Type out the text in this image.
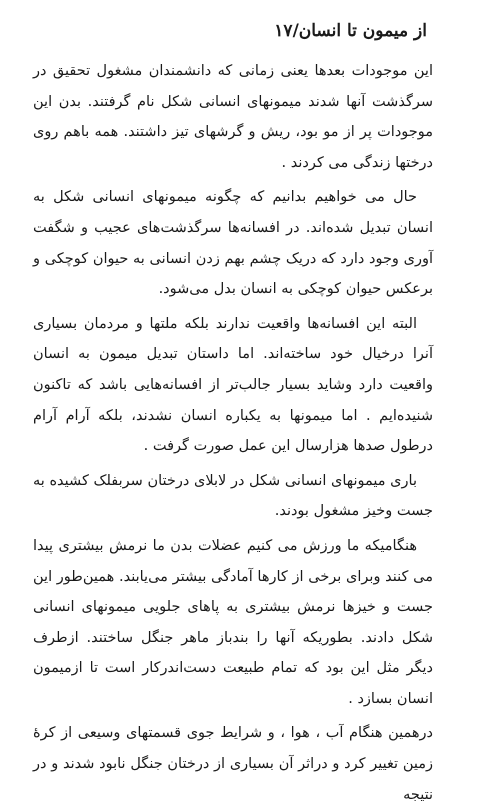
از میمون تا انسان/۱۷

این موجودات بعدها یعنی زمانی که دانشمندان مشغول تحقیق در سرگذشت آنها شدند میمونهای انسانی شکل نام گرفتند. بدن این موجودات پر از مو بود، ریش و گرشهای تیز داشتند. همه باهم روی درختها زندگی می کردند .

حال می خواهیم بدانیم که چگونه میمونهای انسانی شکل به انسان تبدیل شده‌اند. در افسانه‌ها سرگذشت‌های عجیب و شگفت آوری وجود دارد که دریک چشم بهم زدن انسانی به حیوان کوچکی و برعکس حیوان کوچکی به انسان بدل می‌شود.

البته این افسانه‌ها واقعیت ندارند بلکه ملتها و مردمان بسیاری آنرا درخیال خود ساخته‌اند. اما داستان تبدیل میمون به انسان واقعیت دارد وشاید بسیار جالب‌تر از افسانه‌هایی باشد که تاکنون شنیده‌ایم . اما میمونها به یکباره انسان نشدند، بلکه آرام آرام درطول صدها هزارسال این عمل صورت گرفت .

باری میمونهای انسانی شکل در لابلای درختان سربفلک کشیده به جست وخیز مشغول بودند.

هنگامیکه ما ورزش می کنیم عضلات بدن ما نرمش بیشتری پیدا می کنند وبرای برخی از کارها آمادگی بیشتر می‌یابند. همین‌طور این جست و خیزها نرمش بیشتری به پاهای جلویی میمونهای انسانی شکل دادند. بطوریکه آنها را بندباز ماهر جنگل ساختند. ازطرف دیگر مثل این بود که تمام طبیعت دست‌اندرکار است تا ازمیمون انسان بسازد .

درهمین هنگام آب ، هوا ، و شرایط جوی قسمتهای وسیعی از کرهٔ زمین تغییر کرد و دراثر آن بسیاری از درختان جنگل نابود شدند و در نتیجه
